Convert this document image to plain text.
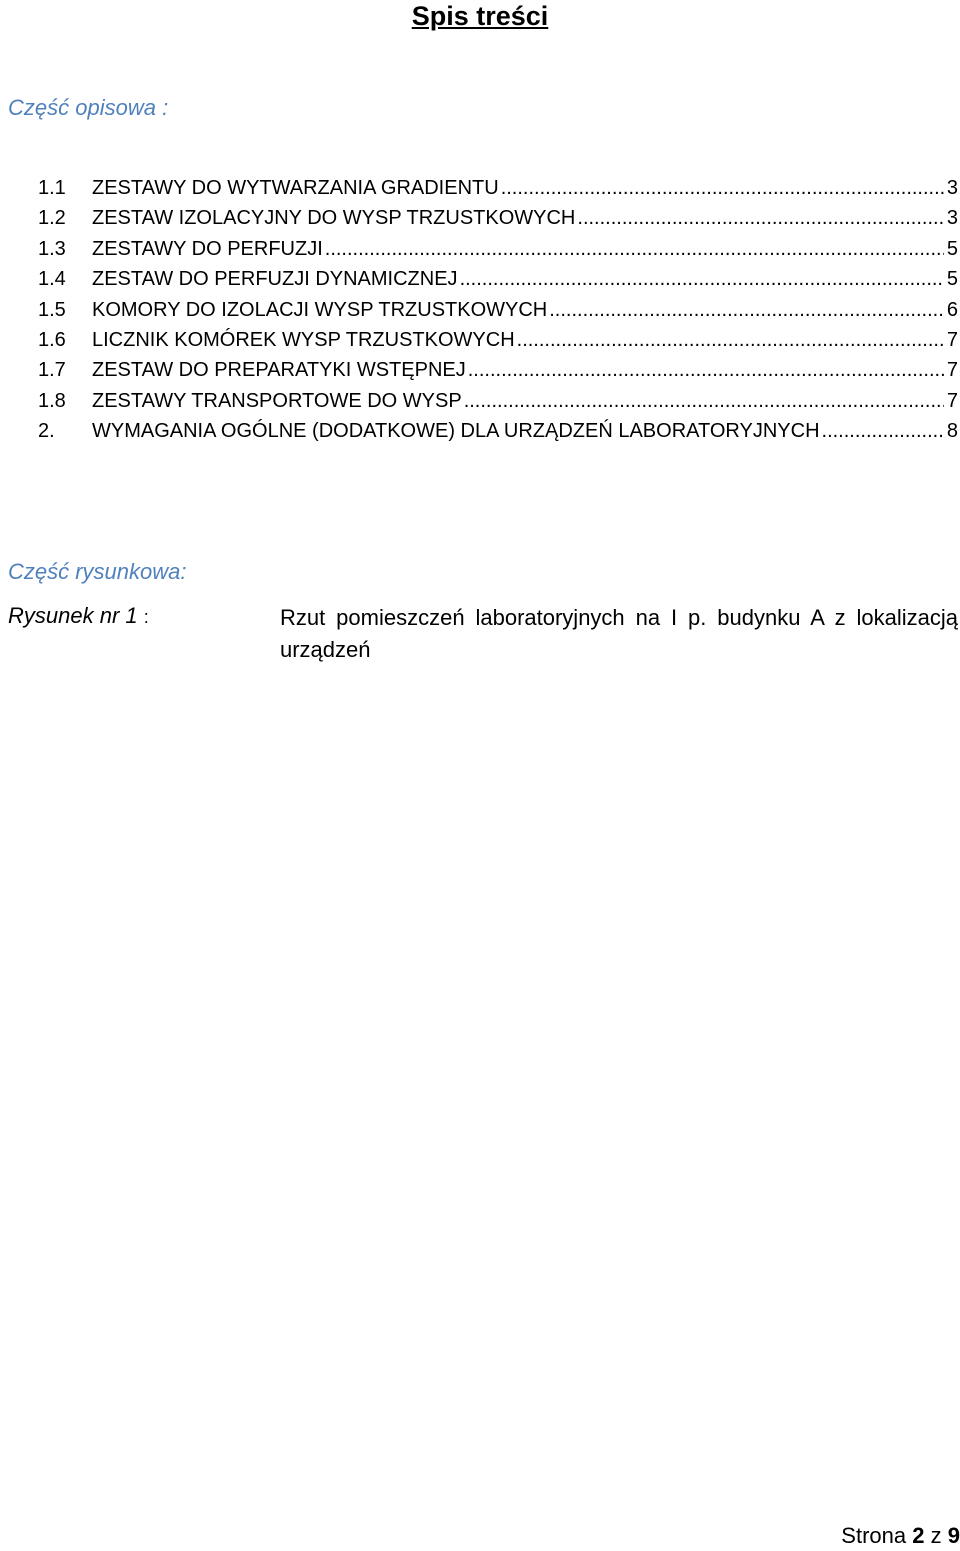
Spis treści
Część opisowa :
1.1	ZESTAWY DO WYTWARZANIA GRADIENTU .....	3
1.2	ZESTAW IZOLACYJNY DO WYSP TRZUSTKOWYCH .....	3
1.3	ZESTAWY DO PERFUZJI .....	5
1.4	ZESTAW DO PERFUZJI DYNAMICZNEJ .....	5
1.5	KOMORY DO IZOLACJI WYSP TRZUSTKOWYCH .....	6
1.6	LICZNIK KOMÓREK WYSP TRZUSTKOWYCH .....	7
1.7	ZESTAW DO PREPARATYKI WSTĘPNEJ .....	7
1.8	ZESTAWY TRANSPORTOWE DO WYSP .....	7
2.	WYMAGANIA OGÓLNE (DODATKOWE) DLA URZĄDZEŃ LABORATORYJNYCH .....	8
Część rysunkowa:
Rysunek nr 1 :	Rzut pomieszczeń laboratoryjnych na I p. budynku A z lokalizacją urządzeń
Strona 2 z 9
